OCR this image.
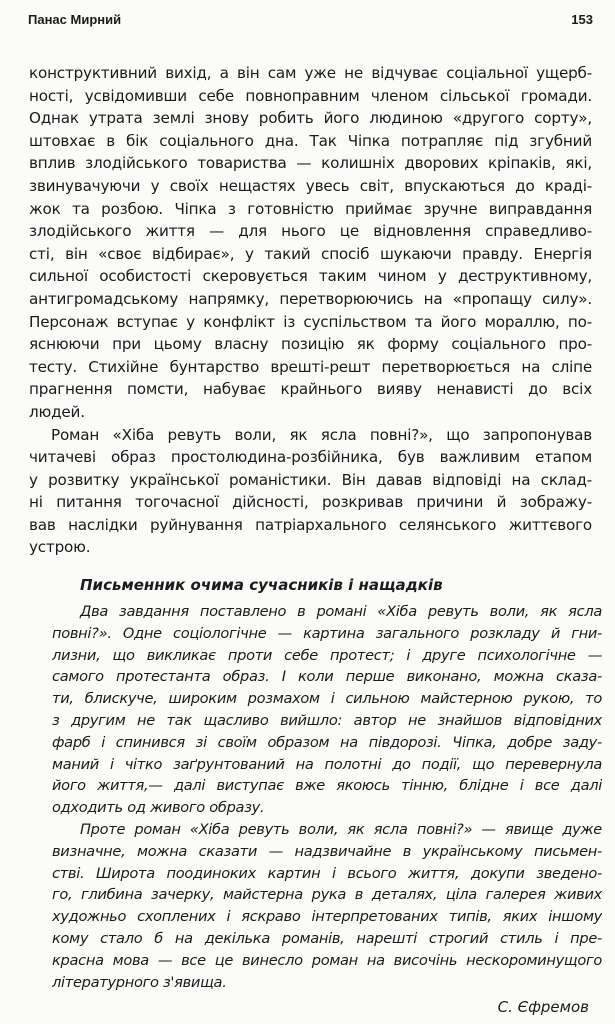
Панас Мирний	153
конструктивний вихід, а він сам уже не відчуває соціальної ущерб-
ності, усвідомивши себе повноправним членом сільської громади.
Однак утрата землі знову робить його людиною «другого сорту»,
штовхає в бік соціального дна. Так Чіпка потрапляє під згубний
вплив злодійського товариства — колишніх дворових кріпаків, які,
звинувачуючи у своїх нещастях увесь світ, впускаються до краді-
жок та розбою. Чіпка з готовністю приймає зручне виправдання
злодійського життя — для нього це відновлення справедливо-
сті, він «своє відбирає», у такий спосіб шукаючи правду. Енергія
сильної особистості скеровується таким чином у деструктивному,
антигромадському напрямку, перетворюючись на «пропащу силу».
Персонаж вступає у конфлікт із суспільством та його мораллю, по-
яснюючи при цьому власну позицію як форму соціального про-
тесту. Стихійне бунтарство врешті-решт перетворюється на сліпе
прагнення помсти, набуває крайнього вияву ненависті до всіх
людей.
Роман «Хіба ревуть воли, як ясла повні?», що запропонував
читачеві образ простолюдина-розбійника, був важливим етапом
у розвитку української романістики. Він давав відповіді на склад-
ні питання тогочасної дійсності, розкривав причини й зображу-
вав наслідки руйнування патріархального селянського життєвого
устрою.
Письменник очима сучасників і нащадків
Два завдання поставлено в романі «Хіба ревуть воли, як ясла
повні?». Одне соціологічне — картина загального розкладу й гни-
лизни, що викликає проти себе протест; і друге психологічне —
самого протестанта образ. І коли перше виконано, можна сказа-
ти, блискуче, широким розмахом і сильною майстерною рукою, то
з другим не так щасливо вийшло: автор не знайшов відповідних
фарб і спинився зі своїм образом на півдорозі. Чіпка, добре заду-
маний і чітко заґрунтований на полотні до події, що перевернула
його життя,— далі виступає вже якоюсь тінню, блідне і все далі
одходить од живого образу.
Проте роман «Хіба ревуть воли, як ясла повні?» — явище дуже
визначне, можна сказати — надзвичайне в українському письмен-
стві. Широта поодиноких картин і всього життя, докупи зведено-
го, глибина зачерку, майстерна рука в деталях, ціла галерея живих
художньо схоплених і яскраво інтерпретованих типів, яких іншому
кому стало б на декілька романів, нарешті строгий стиль і пре-
красна мова — все це винесло роман на височінь нескороминущого
літературного з'явища.
С. Єфремов
